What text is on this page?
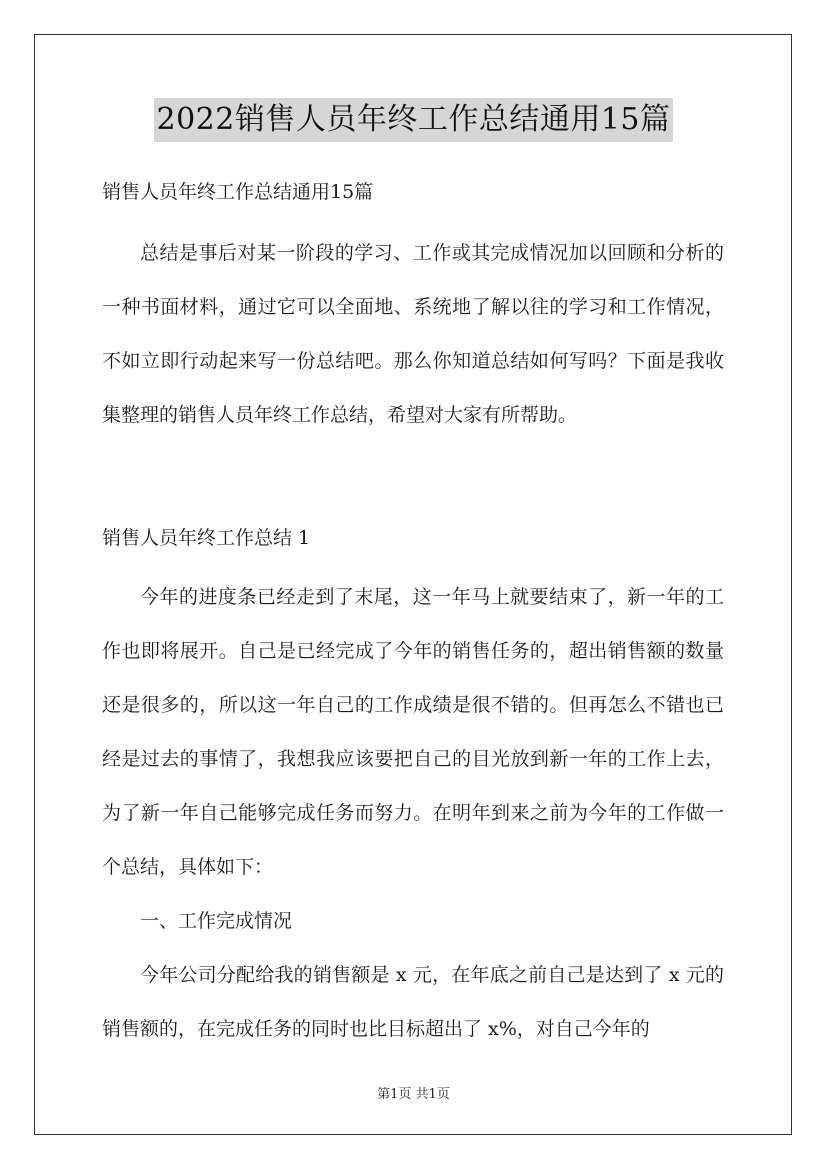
2022销售人员年终工作总结通用15篇
销售人员年终工作总结通用15篇

总结是事后对某一阶段的学习、工作或其完成情况加以回顾和分析的一种书面材料，通过它可以全面地、系统地了解以往的学习和工作情况，不如立即行动起来写一份总结吧。那么你知道总结如何写吗？下面是我收集整理的销售人员年终工作总结，希望对大家有所帮助。

销售人员年终工作总结 1

今年的进度条已经走到了末尾，这一年马上就要结束了，新一年的工作也即将展开。自己是已经完成了今年的销售任务的，超出销售额的数量还是很多的，所以这一年自己的工作成绩是很不错的。但再怎么不错也已经是过去的事情了，我想我应该要把自己的目光放到新一年的工作上去，为了新一年自己能够完成任务而努力。在明年到来之前为今年的工作做一个总结，具体如下：

一、工作完成情况

今年公司分配给我的销售额是 x 元，在年底之前自己是达到了 x 元的销售额的，在完成任务的同时也比目标超出了 x%，对自己今年的

第1页 共1页
